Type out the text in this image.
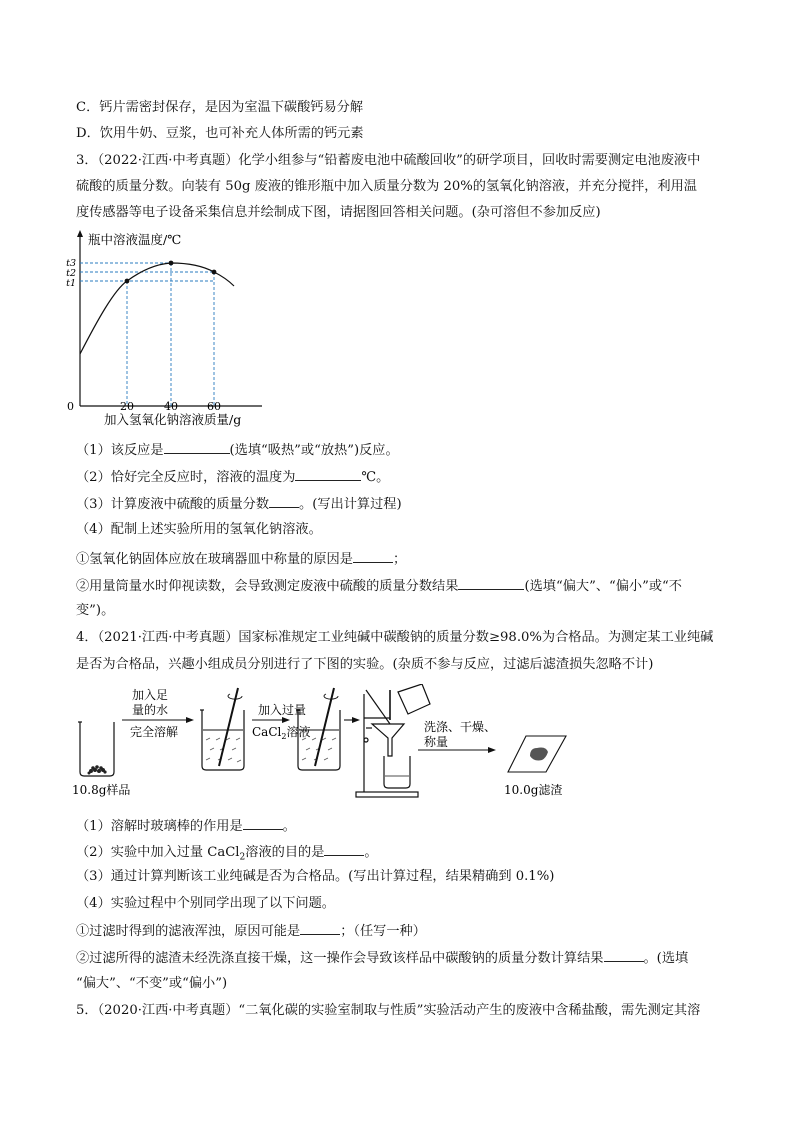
C．钙片需密封保存，是因为室温下碳酸钙易分解
D．饮用牛奶、豆浆，也可补充人体所需的钙元素
3．（2022·江西·中考真题）化学小组参与“铅蓄废电池中硫酸回收”的研学项目，回收时需要测定电池废液中
硫酸的质量分数。向装有 50g 废液的锥形瓶中加入质量分数为 20%的氢氧化钠溶液，并充分搅拌，利用温
度传感器等电子设备采集信息并绘制成下图，请据图回答相关问题。(杂可溶但不参加反应)
瓶中溶液温度/℃
加入氢氧化钠溶液质量/g
0	20	40	60
t3
t2
t1
（1）该反应是	(选填“吸热”或“放热”)反应。
（2）恰好完全反应时，溶液的温度为	℃。
（3）计算废液中硫酸的质量分数 。(写出计算过程)
（4）配制上述实验所用的氢氧化钠溶液。
①氢氧化钠固体应放在玻璃器皿中称量的原因是	；
②用量筒量水时仰视读数，会导致测定废液中硫酸的质量分数结果	(选填“偏大”、“偏小”或“不
变”)。
4．（2021·江西·中考真题）国家标准规定工业纯碱中碳酸钠的质量分数≥98.0%为合格品。为测定某工业纯碱
是否为合格品，兴趣小组成员分别进行了下图的实验。(杂质不参与反应，过滤后滤渣损失忽略不计)
10.8g样品
加入足
量的水
完全溶解
加入过量
CaCl$_2$溶液	洗涤、干燥、
称量
10.0g滤渣
（1）溶解时玻璃棒的作用是	。
（2）实验中加入过量 CaCl$_2$溶液的目的是	。
（3）通过计算判断该工业纯碱是否为合格品。(写出计算过程，结果精确到 0.1%)
（4）实验过程中个别同学出现了以下问题。
①过滤时得到的滤液浑浊，原因可能是	；（任写一种）
②过滤所得的滤渣未经洗涤直接干燥，这一操作会导致该样品中碳酸钠的质量分数计算结果	。(选填
“偏大”、“不变”或“偏小”)
5．（2020·江西·中考真题）“二氧化碳的实验室制取与性质”实验活动产生的废液中含稀盐酸，需先测定其溶
